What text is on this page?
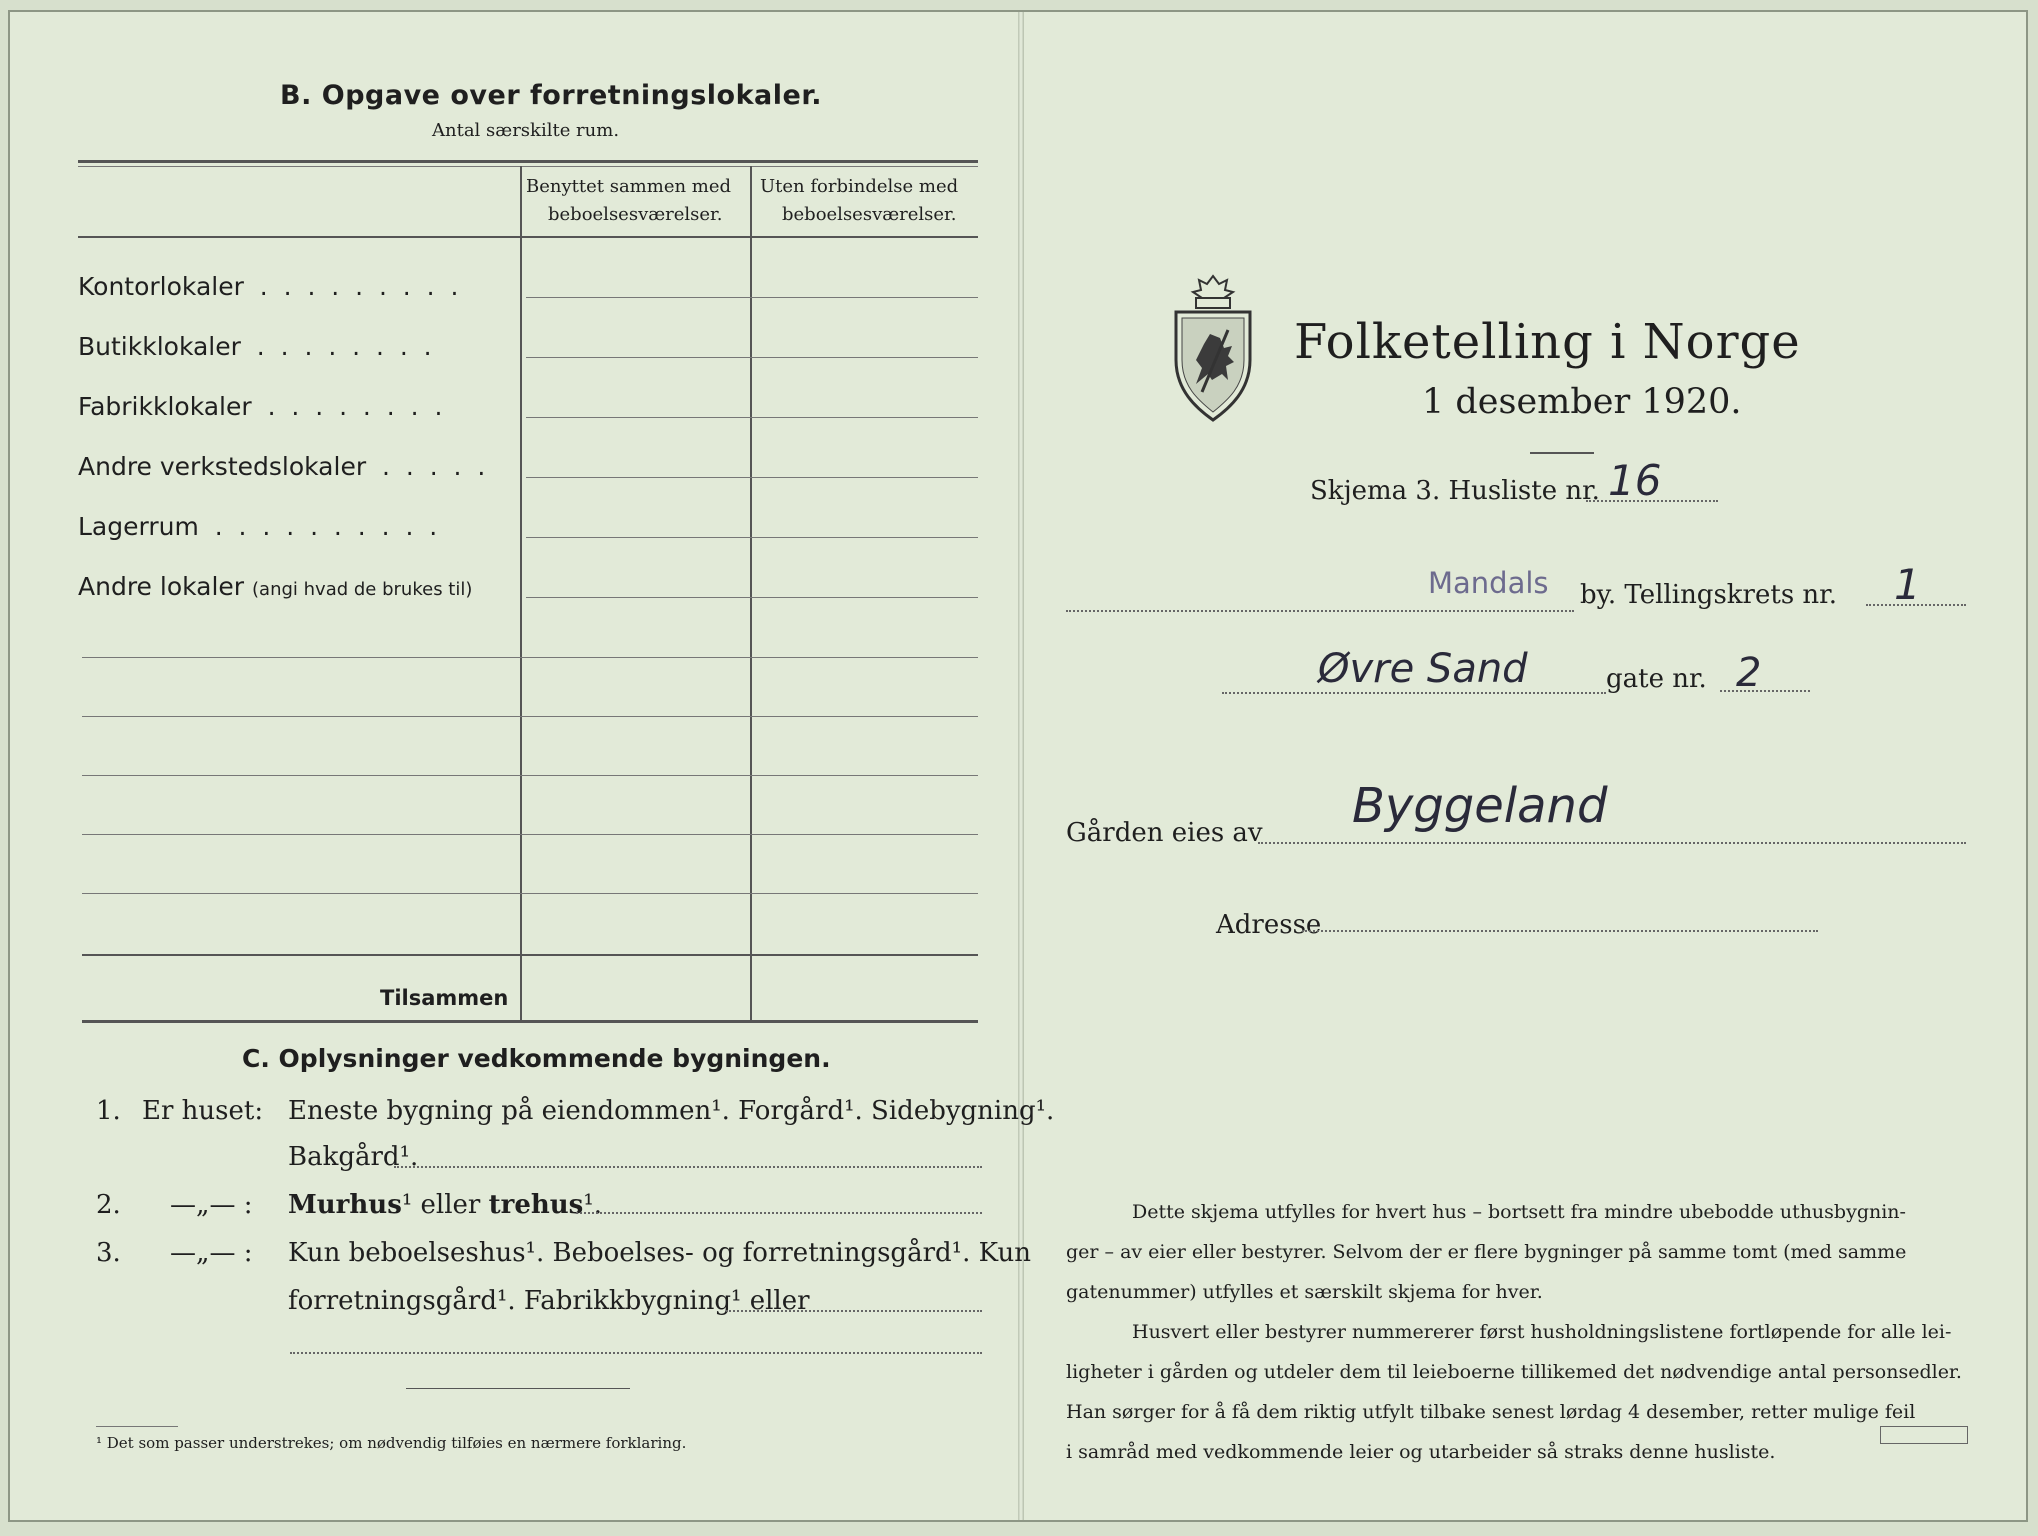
B. Opgave over forretningslokaler.
Antal særskilte rum.
Benyttet sammen med
beboelsesværelser.
Uten forbindelse med
beboelsesværelser.
Kontorlokaler  .  .  .  .  .  .  .  .  .
Butikklokaler  .  .  .  .  .  .  .  .
Fabrikklokaler  .  .  .  .  .  .  .  .
Andre verkstedslokaler  .  .  .  .  .
Lagerrum  .  .  .  .  .  .  .  .  .  .
Andre lokaler (angi hvad de brukes til)
Tilsammen
C. Oplysninger vedkommende bygningen.
1. Er huset: Eneste bygning på eiendommen¹. Forgård¹. Sidebygning¹.
Bakgård¹.
2. —„— : Murhus¹ eller trehus¹.
3. —„— : Kun beboelseshus¹. Beboelses- og forretningsgård¹. Kun
forretningsgård¹. Fabrikkbygning¹ eller
¹ Det som passer understrekes; om nødvendig tilføies en nærmere forklaring.
Folketelling i Norge
1 desember 1920.
Skjema 3. Husliste nr. 16
Mandals by. Tellingskrets nr. 1
Øvre Sand	gate nr. 2
Byggeland
Gården eies av
Adresse
Dette skjema utfylles for hvert hus – bortsett fra mindre ubebodde uthusbygnin-
ger – av eier eller bestyrer. Selvom der er flere bygninger på samme tomt (med samme
gatenummer) utfylles et særskilt skjema for hver.
Husvert eller bestyrer nummererer først husholdningslistene fortløpende for alle lei-
ligheter i gården og utdeler dem til leieboerne tillikemed det nødvendige antal personsedler.
Han sørger for å få dem riktig utfylt tilbake senest lørdag 4 desember, retter mulige feil
i samråd med vedkommende leier og utarbeider så straks denne husliste.
